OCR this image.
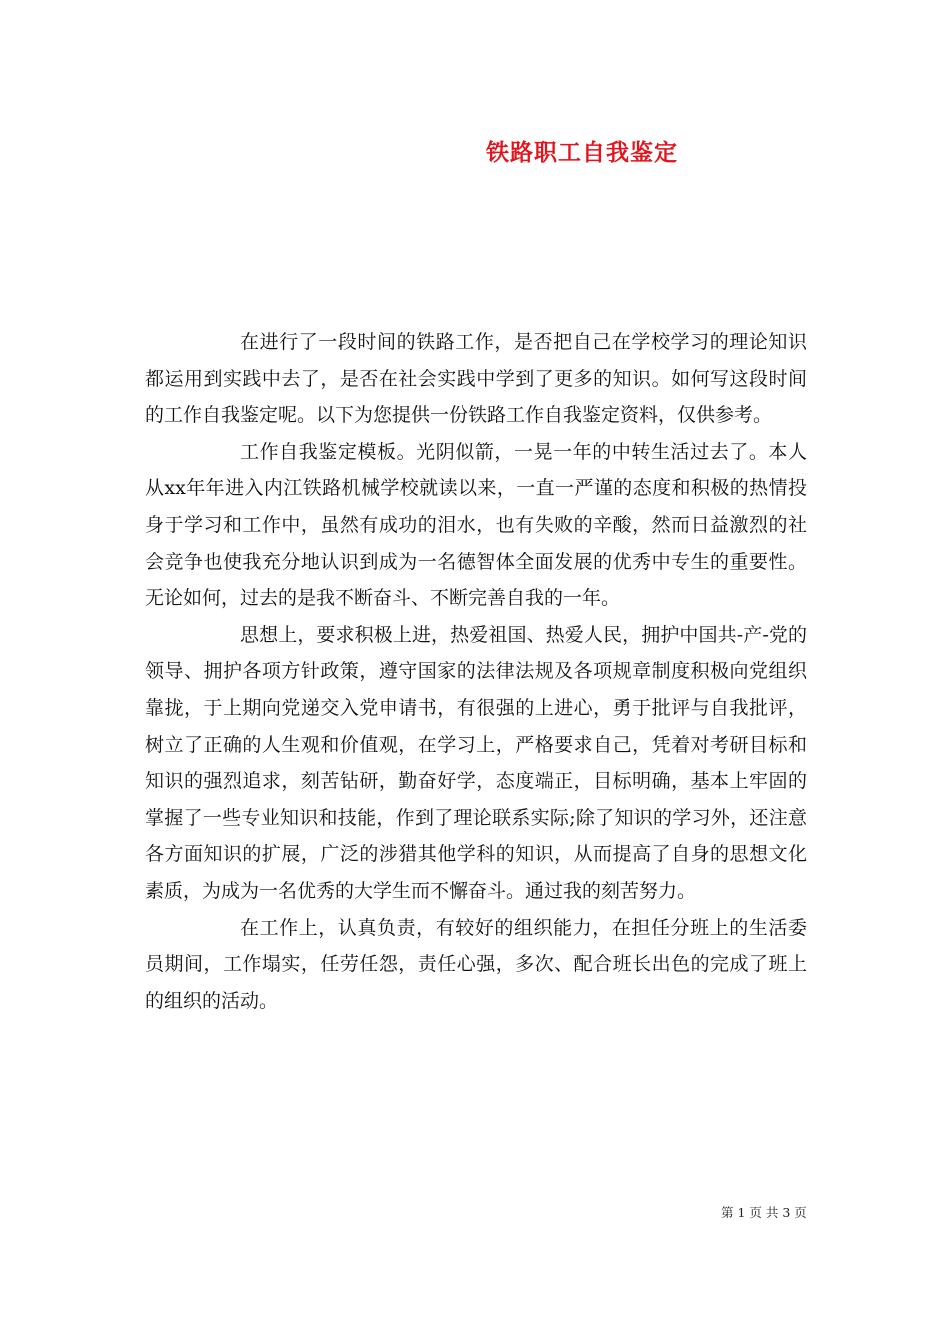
铁路职工自我鉴定

在进行了一段时间的铁路工作，是否把自己在学校学习的理论知识都运用到实践中去了，是否在社会实践中学到了更多的知识。如何写这段时间的工作自我鉴定呢。以下为您提供一份铁路工作自我鉴定资料，仅供参考。

工作自我鉴定模板。光阴似箭，一晃一年的中转生活过去了。本人从xx年年进入内江铁路机械学校就读以来，一直一严谨的态度和积极的热情投身于学习和工作中，虽然有成功的泪水，也有失败的辛酸，然而日益激烈的社会竞争也使我充分地认识到成为一名德智体全面发展的优秀中专生的重要性。无论如何，过去的是我不断奋斗、不断完善自我的一年。

思想上，要求积极上进，热爱祖国、热爱人民，拥护中国共-产-党的领导、拥护各项方针政策，遵守国家的法律法规及各项规章制度积极向党组织靠拢，于上期向党递交入党申请书，有很强的上进心，勇于批评与自我批评，树立了正确的人生观和价值观，在学习上，严格要求自己，凭着对考研目标和知识的强烈追求，刻苦钻研，勤奋好学，态度端正，目标明确，基本上牢固的掌握了一些专业知识和技能，作到了理论联系实际;除了知识的学习外，还注意各方面知识的扩展，广泛的涉猎其他学科的知识，从而提高了自身的思想文化素质，为成为一名优秀的大学生而不懈奋斗。通过我的刻苦努力。

在工作上，认真负责，有较好的组织能力，在担任分班上的生活委员期间，工作塌实，任劳任怨，责任心强，多次、配合班长出色的完成了班上的组织的活动。

第 1 页 共 3 页
